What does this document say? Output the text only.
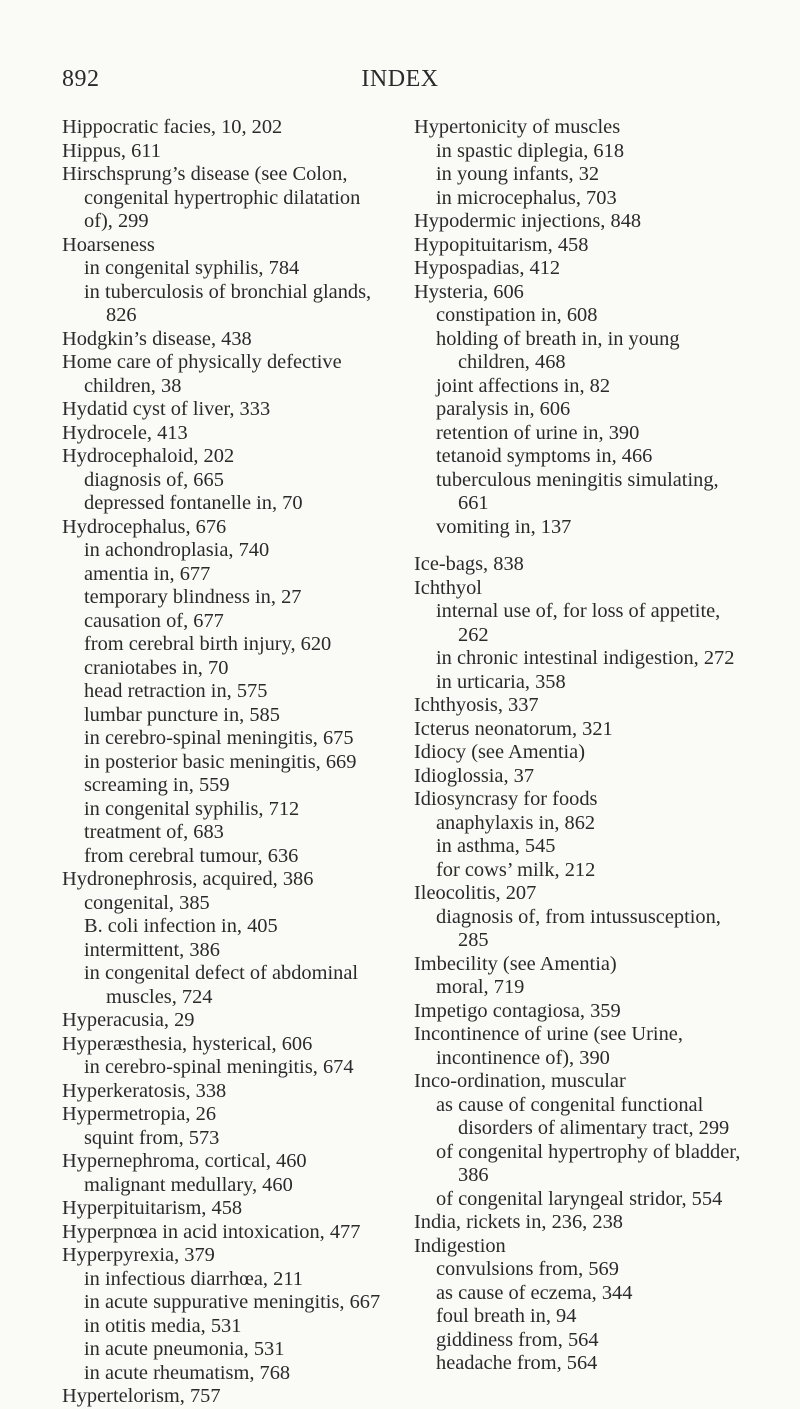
892	INDEX
Hippocratic facies, 10, 202
Hippus, 611
Hirschsprung’s disease (see Colon, congenital hypertrophic dilatation of), 299
Hoarseness
in congenital syphilis, 784
in tuberculosis of bronchial glands, 826
Hodgkin’s disease, 438
Home care of physically defective children, 38
Hydatid cyst of liver, 333
Hydrocele, 413
Hydrocephaloid, 202
diagnosis of, 665
depressed fontanelle in, 70
Hydrocephalus, 676
in achondroplasia, 740
amentia in, 677
temporary blindness in, 27
causation of, 677
from cerebral birth injury, 620
craniotabes in, 70
head retraction in, 575
lumbar puncture in, 585
in cerebro-spinal meningitis, 675
in posterior basic meningitis, 669
screaming in, 559
in congenital syphilis, 712
treatment of, 683
from cerebral tumour, 636
Hydronephrosis, acquired, 386
congenital, 385
B. coli infection in, 405
intermittent, 386
in congenital defect of abdominal muscles, 724
Hyperacusia, 29
Hyperæsthesia, hysterical, 606
in cerebro-spinal meningitis, 674
Hyperkeratosis, 338
Hypermetropia, 26
squint from, 573
Hypernephroma, cortical, 460
malignant medullary, 460
Hyperpituitarism, 458
Hyperpnœa in acid intoxication, 477
Hyperpyrexia, 379
in infectious diarrhœa, 211
in acute suppurative meningitis, 667
in otitis media, 531
in acute pneumonia, 531
in acute rheumatism, 768
Hypertelorism, 757
Hypertonicity of muscles
in spastic diplegia, 618
in young infants, 32
in microcephalus, 703
Hypodermic injections, 848
Hypopituitarism, 458
Hypospadias, 412
Hysteria, 606
constipation in, 608
holding of breath in, in young children, 468
joint affections in, 82
paralysis in, 606
retention of urine in, 390
tetanoid symptoms in, 466
tuberculous meningitis simulating, 661
vomiting in, 137
Ice-bags, 838
Ichthyol
internal use of, for loss of appetite, 262
in chronic intestinal indigestion, 272
in urticaria, 358
Ichthyosis, 337
Icterus neonatorum, 321
Idiocy (see Amentia)
Idioglossia, 37
Idiosyncrasy for foods
anaphylaxis in, 862
in asthma, 545
for cows’ milk, 212
Ileocolitis, 207
diagnosis of, from intussusception, 285
Imbecility (see Amentia)
moral, 719
Impetigo contagiosa, 359
Incontinence of urine (see Urine, incontinence of), 390
Inco-ordination, muscular
as cause of congenital functional disorders of alimentary tract, 299
of congenital hypertrophy of bladder, 386
of congenital laryngeal stridor, 554
India, rickets in, 236, 238
Indigestion
convulsions from, 569
as cause of eczema, 344
foul breath in, 94
giddiness from, 564
headache from, 564
